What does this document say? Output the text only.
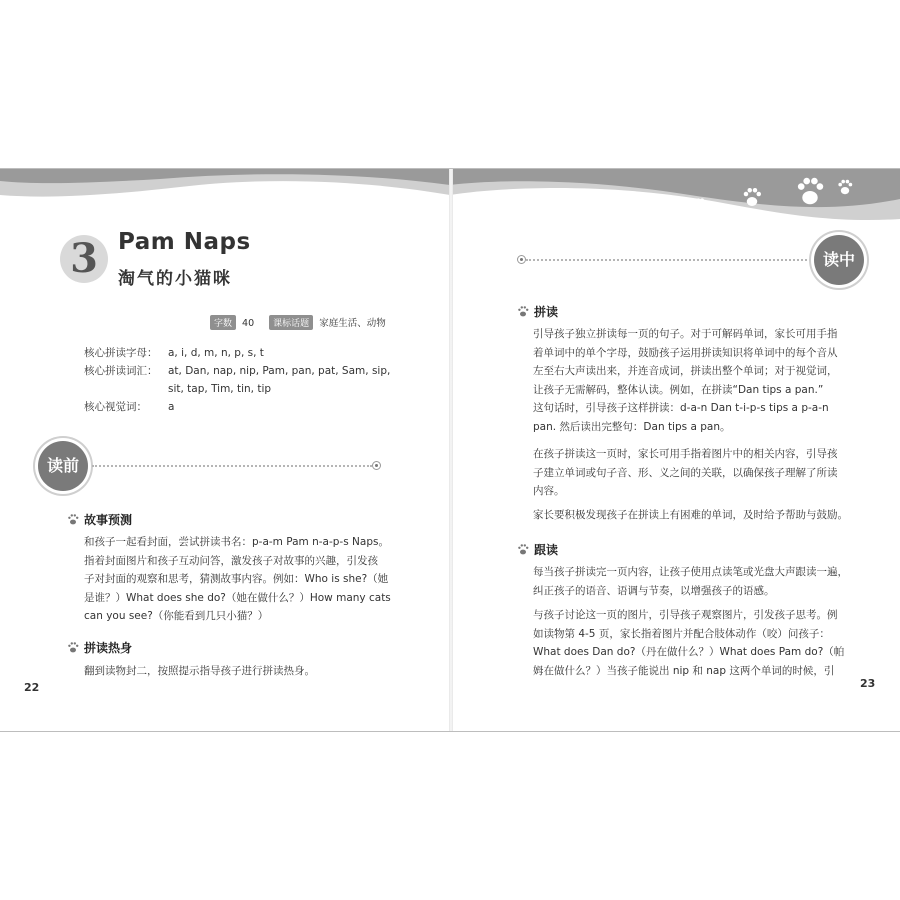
3 Pam Naps
淘气的小猫咪
字数 40 课标话题 家庭生活、动物
核心拼读字母： a, i, d, m, n, p, s, t
核心拼读词汇： at, Dan, nap, nip, Pam, pan, pat, Sam, sip,
sit, tap, Tim, tin, tip
核心视觉词： a
读前
故事预测
和孩子一起看封面，尝试拼读书名：p-a-m Pam n-a-p-s Naps。
指着封面图片和孩子互动问答，激发孩子对故事的兴趣，引发孩
子对封面的观察和思考，猜测故事内容。例如：Who is she?（她
是谁？）What does she do?（她在做什么？）How many cats
can you see?（你能看到几只小猫？）
拼读热身
翻到读物封二，按照提示指导孩子进行拼读热身。
22
读中
拼读
引导孩子独立拼读每一页的句子。对于可解码单词，家长可用手指
着单词中的单个字母，鼓励孩子运用拼读知识将单词中的每个音从
左至右大声读出来，并连音成词，拼读出整个单词；对于视觉词，
让孩子无需解码，整体认读。例如，在拼读“Dan tips a pan.”
这句话时，引导孩子这样拼读：d-a-n Dan t-i-p-s tips a p-a-n
pan. 然后读出完整句：Dan tips a pan。
在孩子拼读这一页时，家长可用手指着图片中的相关内容，引导孩
子建立单词或句子音、形、义之间的关联，以确保孩子理解了所读
内容。
家长要积极发现孩子在拼读上有困难的单词，及时给予帮助与鼓励。
跟读
每当孩子拼读完一页内容，让孩子使用点读笔或光盘大声跟读一遍，
纠正孩子的语音、语调与节奏，以增强孩子的语感。
与孩子讨论这一页的图片，引导孩子观察图片，引发孩子思考。例
如读物第 4-5 页，家长指着图片并配合肢体动作（咬）问孩子：
What does Dan do?（丹在做什么？）What does Pam do?（帕
姆在做什么？）当孩子能说出 nip 和 nap 这两个单词的时候，引
23
